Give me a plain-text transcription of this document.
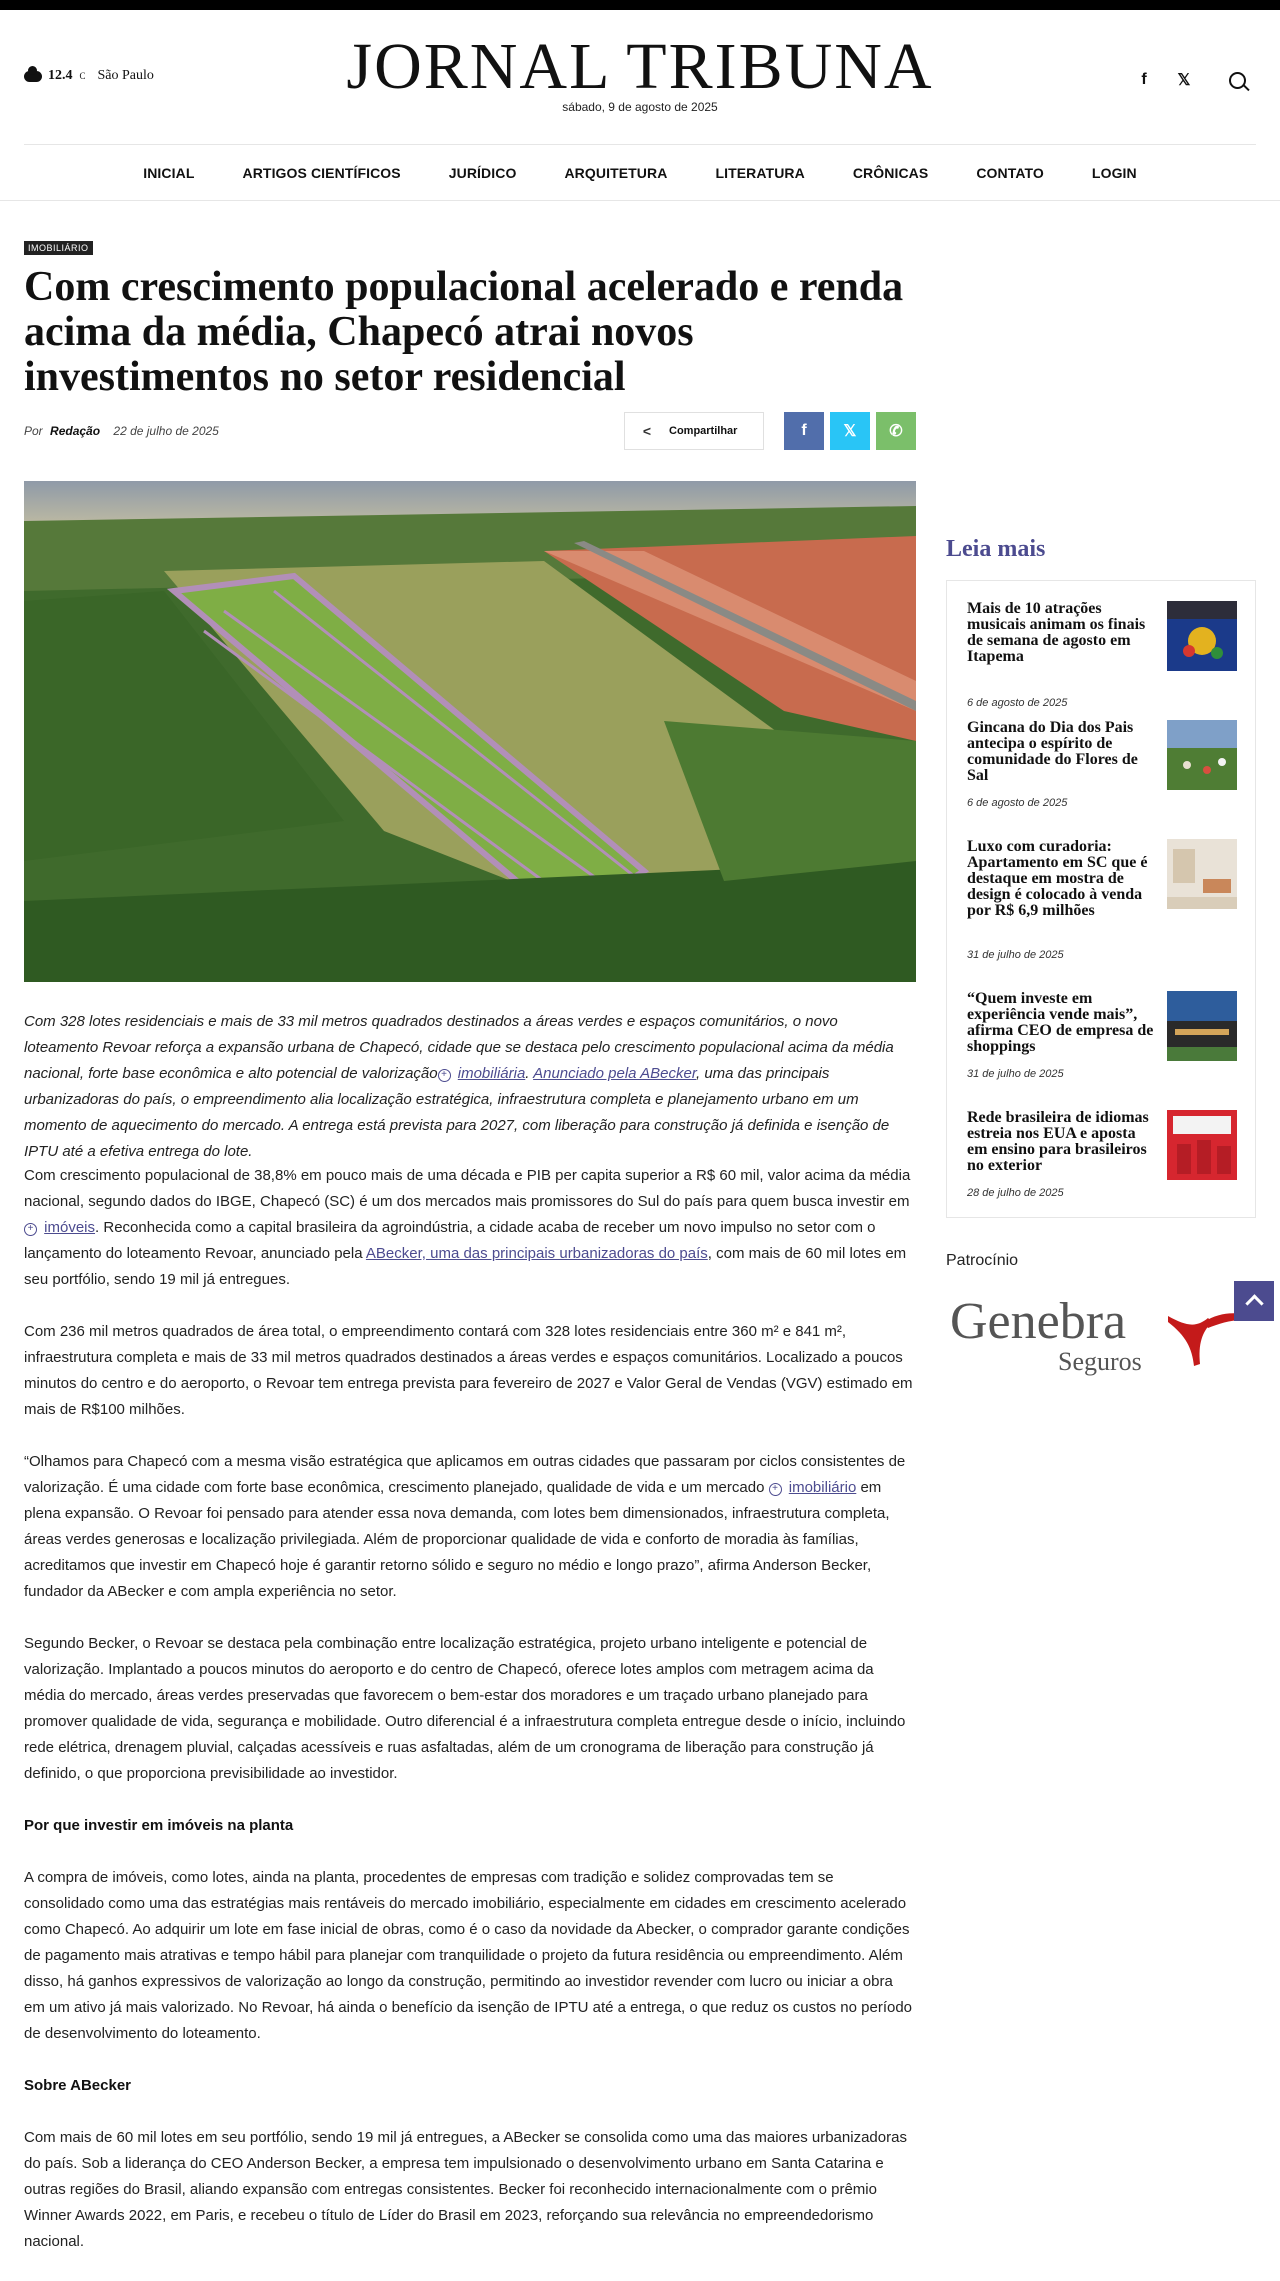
12.4 C São Paulo	JORNAL TRIBUNA
sábado, 9 de agosto de 2025
f	𝕏
INICIAL	ARTIGOS CIENTÍFICOS	JURÍDICO	ARQUITETURA	LITERATURA	CRÔNICAS	CONTATO	LOGIN
IMOBILIÁRIO
Com crescimento populacional acelerado e renda acima da média, Chapecó atrai novos investimentos no setor residencial
Por Redação 22 de julho de 2025	<	Compartilhar	f 𝕏 ✆

Com 328 lotes residenciais e mais de 33 mil metros quadrados destinados a áreas verdes e espaços comunitários, o novo loteamento Revoar reforça a expansão urbana de Chapecó, cidade que se destaca pelo crescimento populacional acima da média nacional, forte base econômica e alto potencial de valorização + imobiliária. Anunciado pela ABecker, uma das principais urbanizadoras do país, o empreendimento alia localização estratégica, infraestrutura completa e planejamento urbano em um momento de aquecimento do mercado. A entrega está prevista para 2027, com liberação para construção já definida e isenção de IPTU até a efetiva entrega do lote.

Com crescimento populacional de 38,8% em pouco mais de uma década e PIB per capita superior a R$ 60 mil, valor acima da média nacional, segundo dados do IBGE, Chapecó (SC) é um dos mercados mais promissores do Sul do país para quem busca investir em + imóveis. Reconhecida como a capital brasileira da agroindústria, a cidade acaba de receber um novo impulso no setor com o lançamento do loteamento Revoar, anunciado pela ABecker, uma das principais urbanizadoras do país, com mais de 60 mil lotes em seu portfólio, sendo 19 mil já entregues.

Com 236 mil metros quadrados de área total, o empreendimento contará com 328 lotes residenciais entre 360 m² e 841 m², infraestrutura completa e mais de 33 mil metros quadrados destinados a áreas verdes e espaços comunitários. Localizado a poucos minutos do centro e do aeroporto, o Revoar tem entrega prevista para fevereiro de 2027 e Valor Geral de Vendas (VGV) estimado em mais de R$100 milhões.

“Olhamos para Chapecó com a mesma visão estratégica que aplicamos em outras cidades que passaram por ciclos consistentes de valorização. É uma cidade com forte base econômica, crescimento planejado, qualidade de vida e um mercado + imobiliário em plena expansão. O Revoar foi pensado para atender essa nova demanda, com lotes bem dimensionados, infraestrutura completa, áreas verdes generosas e localização privilegiada. Além de proporcionar qualidade de vida e conforto de moradia às famílias, acreditamos que investir em Chapecó hoje é garantir retorno sólido e seguro no médio e longo prazo”, afirma Anderson Becker, fundador da ABecker e com ampla experiência no setor.

Segundo Becker, o Revoar se destaca pela combinação entre localização estratégica, projeto urbano inteligente e potencial de valorização. Implantado a poucos minutos do aeroporto e do centro de Chapecó, oferece lotes amplos com metragem acima da média do mercado, áreas verdes preservadas que favorecem o bem-estar dos moradores e um traçado urbano planejado para promover qualidade de vida, segurança e mobilidade. Outro diferencial é a infraestrutura completa entregue desde o início, incluindo rede elétrica, drenagem pluvial, calçadas acessíveis e ruas asfaltadas, além de um cronograma de liberação para construção já definido, o que proporciona previsibilidade ao investidor.

Por que investir em imóveis na planta

A compra de imóveis, como lotes, ainda na planta, procedentes de empresas com tradição e solidez comprovadas tem se consolidado como uma das estratégias mais rentáveis do mercado imobiliário, especialmente em cidades em crescimento acelerado como Chapecó. Ao adquirir um lote em fase inicial de obras, como é o caso da novidade da Abecker, o comprador garante condições de pagamento mais atrativas e tempo hábil para planejar com tranquilidade o projeto da futura residência ou empreendimento. Além disso, há ganhos expressivos de valorização ao longo da construção, permitindo ao investidor revender com lucro ou iniciar a obra em um ativo já mais valorizado. No Revoar, há ainda o benefício da isenção de IPTU até a entrega, o que reduz os custos no período de desenvolvimento do loteamento.

Sobre ABecker

Com mais de 60 mil lotes em seu portfólio, sendo 19 mil já entregues, a ABecker se consolida como uma das maiores urbanizadoras do país. Sob a liderança do CEO Anderson Becker, a empresa tem impulsionado o desenvolvimento urbano em Santa Catarina e outras regiões do Brasil, aliando expansão com entregas consistentes. Becker foi reconhecido internacionalmente com o prêmio Winner Awards 2022, em Paris, e recebeu o título de Líder do Brasil em 2023, reforçando sua relevância no empreendedorismo nacional.

Leia mais
Mais de 10 atrações musicais animam os finais de semana de agosto em Itapema
6 de agosto de 2025
Gincana do Dia dos Pais antecipa o espírito de comunidade do Flores de Sal
6 de agosto de 2025
Luxo com curadoria: Apartamento em SC que é destaque em mostra de design é colocado à venda por R$ 6,9 milhões
31 de julho de 2025
“Quem investe em experiência vende mais”, afirma CEO de empresa de shoppings
31 de julho de 2025
Rede brasileira de idiomas estreia nos EUA e aposta em ensino para brasileiros no exterior
28 de julho de 2025
Patrocínio
Genebra
Seguros
